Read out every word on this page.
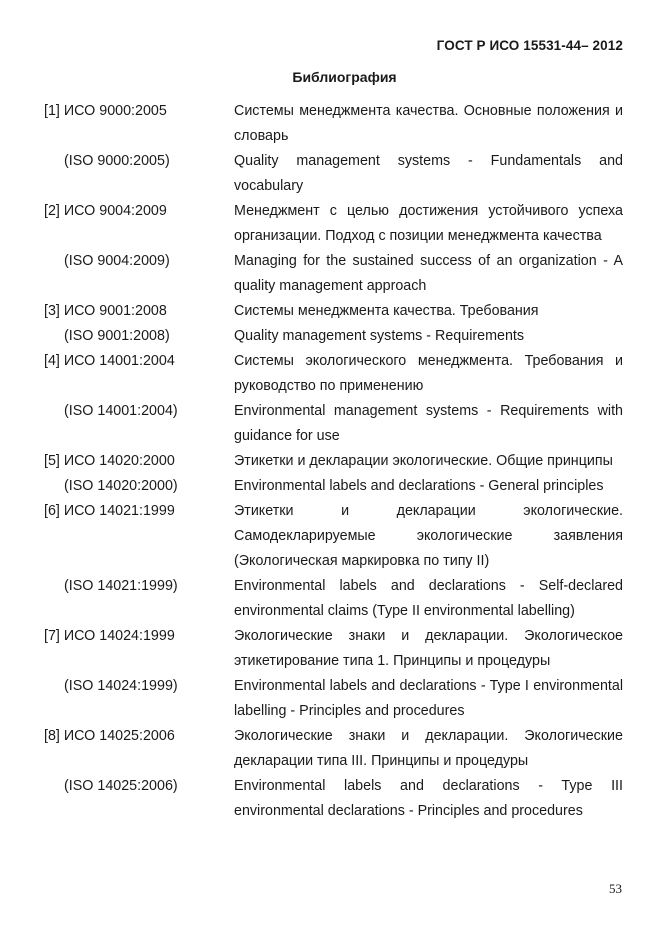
ГОСТ Р ИСО 15531-44– 2012
Библиография
[1] ИСО 9000:2005	Системы менеджмента качества. Основные положения и словарь
(ISO 9000:2005)	Quality management systems - Fundamentals and vocabulary
[2] ИСО 9004:2009	Менеджмент с целью достижения устойчивого успеха организации. Подход с позиции менеджмента качества
(ISO 9004:2009)	Managing for the sustained success of an organization - A quality management approach
[3] ИСО 9001:2008	Системы менеджмента качества. Требования
(ISO 9001:2008)	Quality management systems - Requirements
[4] ИСО 14001:2004	Системы экологического менеджмента. Требования и руководство по применению
(ISO 14001:2004)	Environmental management systems - Requirements with guidance for use
[5] ИСО 14020:2000	Этикетки и декларации экологические. Общие принципы
(ISO 14020:2000)	Environmental labels and declarations - General principles
[6] ИСО 14021:1999	Этикетки и декларации экологические. Самодекларируемые экологические заявления (Экологическая маркировка по типу II)
(ISO 14021:1999)	Environmental labels and declarations - Self-declared environmental claims (Type II environmental labelling)
[7] ИСО 14024:1999	Экологические знаки и декларации. Экологическое этикетирование типа 1. Принципы и процедуры
(ISO 14024:1999)	Environmental labels and declarations - Type I environmental labelling - Principles and procedures
[8] ИСО 14025:2006	Экологические знаки и декларации. Экологические декларации типа III. Принципы и процедуры
(ISO 14025:2006)	Environmental labels and declarations - Type III environmental declarations - Principles and procedures
53
